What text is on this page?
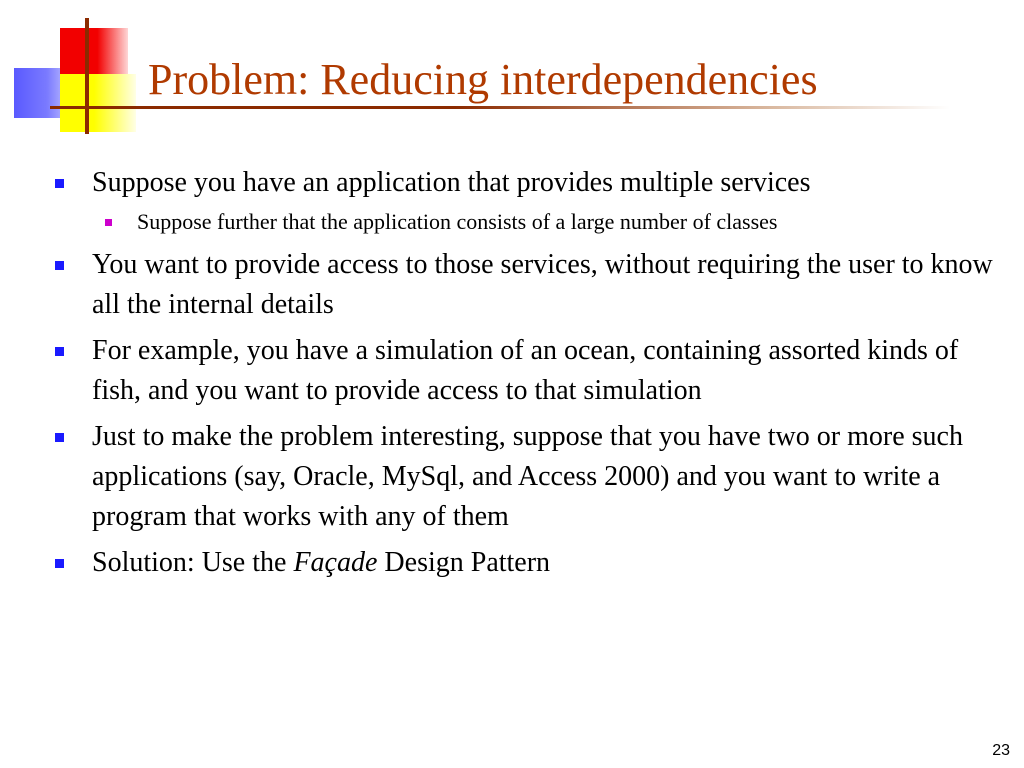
Problem: Reducing interdependencies
Suppose you have an application that provides multiple services
Suppose further that the application consists of a large number of classes
You want to provide access to those services, without requiring the user to know all the internal details
For example, you have a simulation of an ocean, containing assorted kinds of fish, and you want to provide access to that simulation
Just to make the problem interesting, suppose that you have two or more such applications (say, Oracle, MySql, and Access 2000) and you want to write a program that works with any of them
Solution: Use the Façade Design Pattern
23
